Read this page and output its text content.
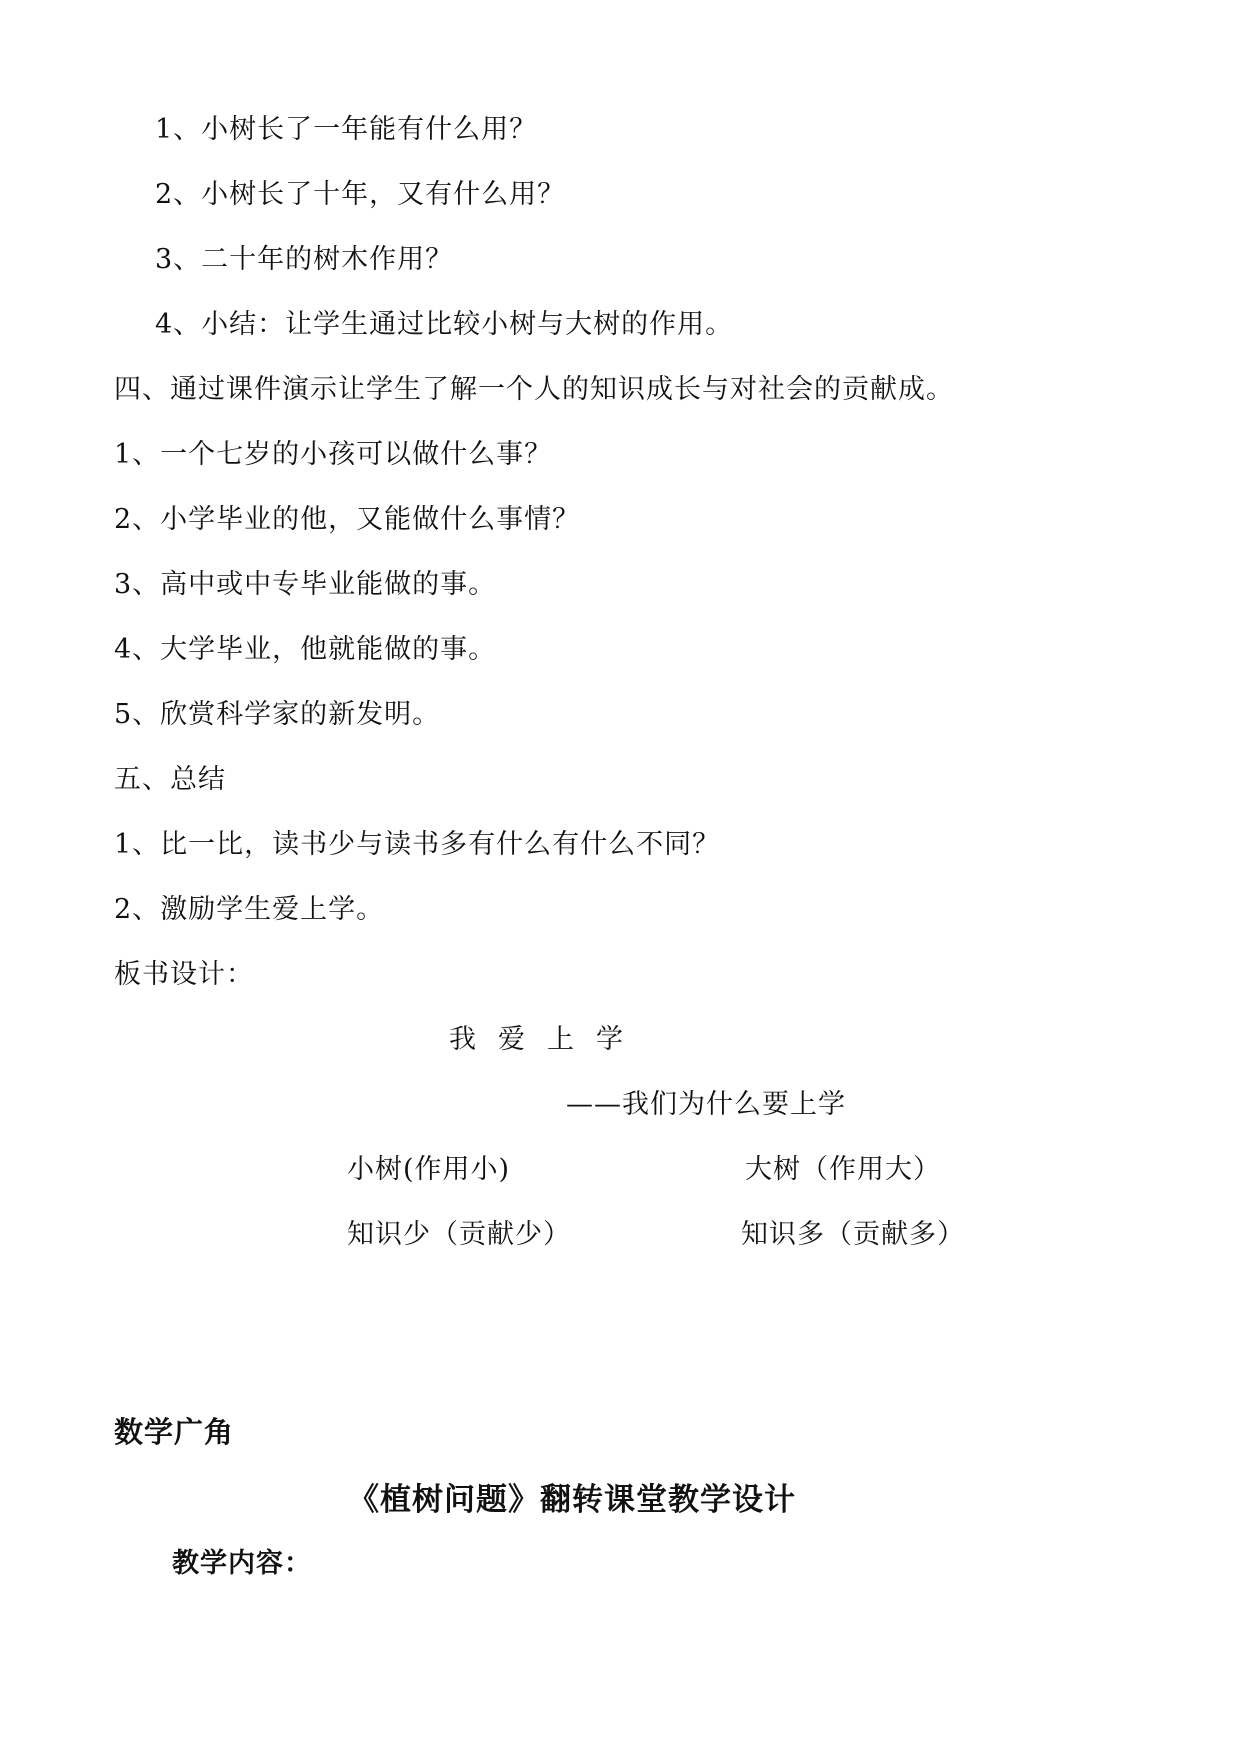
1、小树长了一年能有什么用？
2、小树长了十年，又有什么用？
3、二十年的树木作用？
4、小结：让学生通过比较小树与大树的作用。
四、通过课件演示让学生了解一个人的知识成长与对社会的贡献成。
1、一个七岁的小孩可以做什么事？
2、小学毕业的他，又能做什么事情？
3、高中或中专毕业能做的事。
4、大学毕业，他就能做的事。
5、欣赏科学家的新发明。
五、总结
1、比一比，读书少与读书多有什么有什么不同？
2、激励学生爱上学。
板书设计：
我爱上学
——我们为什么要上学
小树(作用小)	大树（作用大）
知识少（贡献少）	知识多（贡献多）
数学广角
《植树问题》翻转课堂教学设计
教学内容：
